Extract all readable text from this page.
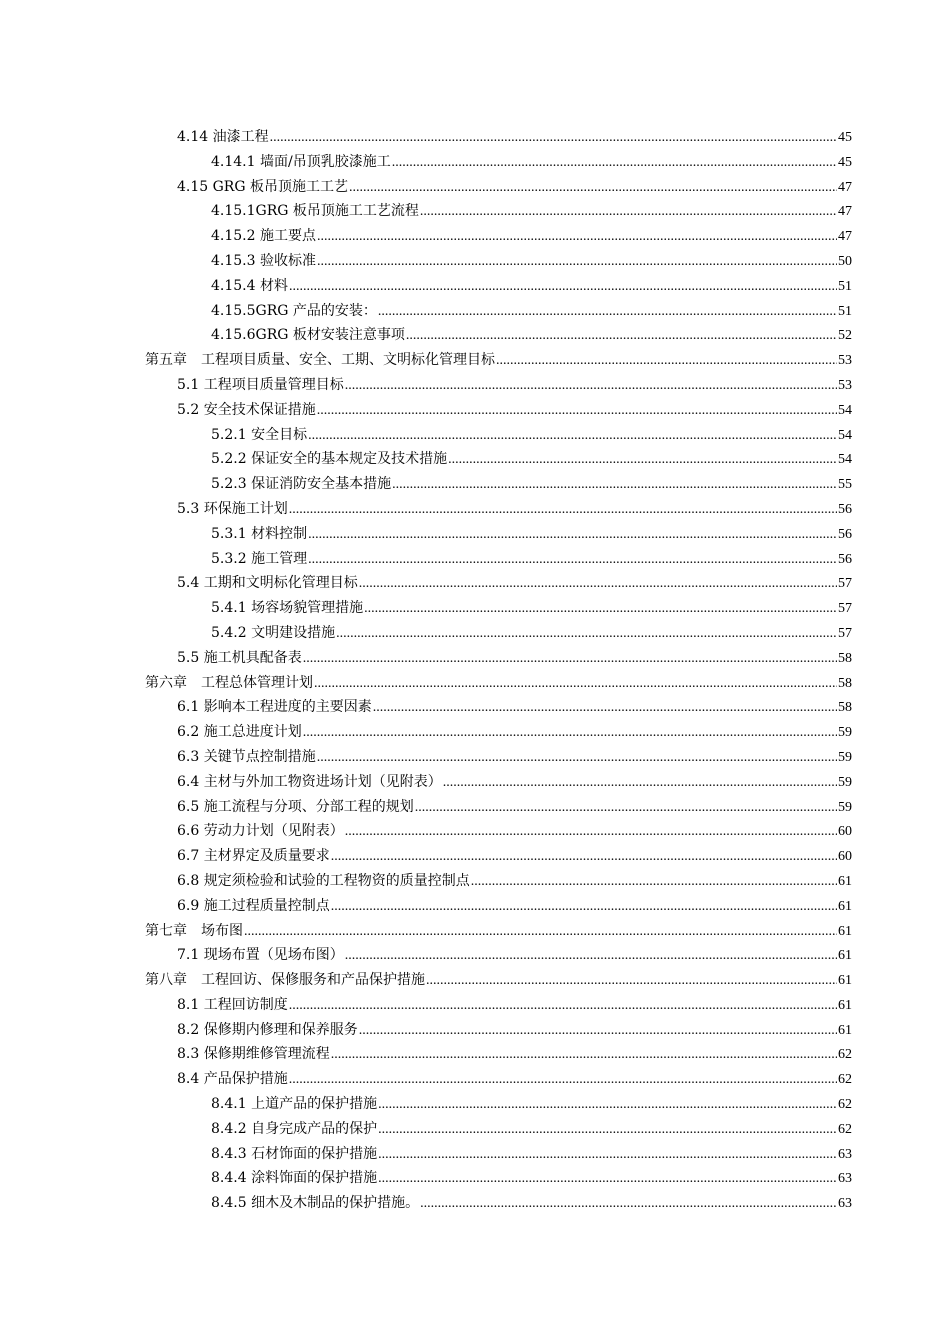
4.14 油漆工程 .....	45
4.14.1 墙面/吊顶乳胶漆施工 .....	45
4.15 GRG 板吊顶施工工艺 .....	47
4.15.1GRG 板吊顶施工工艺流程 .....	47
4.15.2 施工要点 .....	47
4.15.3 验收标准 .....	50
4.15.4 材料 .....	51
4.15.5GRG 产品的安装： .....	51
4.15.6GRG 板材安装注意事项 .....	52
第五章　工程项目质量、安全、工期、文明标化管理目标 .....	53
5.1 工程项目质量管理目标 .....	53
5.2 安全技术保证措施 .....	54
5.2.1 安全目标 .....	54
5.2.2 保证安全的基本规定及技术措施 .....	54
5.2.3 保证消防安全基本措施 .....	55
5.3 环保施工计划 .....	56
5.3.1 材料控制 .....	56
5.3.2 施工管理 .....	56
5.4 工期和文明标化管理目标 .....	57
5.4.1 场容场貌管理措施 .....	57
5.4.2 文明建设措施 .....	57
5.5 施工机具配备表 .....	58
第六章　工程总体管理计划 .....	58
6.1 影响本工程进度的主要因素 .....	58
6.2 施工总进度计划 .....	59
6.3 关键节点控制措施 .....	59
6.4 主材与外加工物资进场计划（见附表） .....	59
6.5 施工流程与分项、分部工程的规划 .....	59
6.6 劳动力计划（见附表） .....	60
6.7 主材界定及质量要求 .....	60
6.8 规定须检验和试验的工程物资的质量控制点 .....	61
6.9 施工过程质量控制点 .....	61
第七章　场布图 .....	61
7.1 现场布置（见场布图） .....	61
第八章　工程回访、保修服务和产品保护措施 .....	61
8.1 工程回访制度 .....	61
8.2 保修期内修理和保养服务 .....	61
8.3 保修期维修管理流程 .....	62
8.4 产品保护措施 .....	62
8.4.1 上道产品的保护措施 .....	62
8.4.2 自身完成产品的保护 .....	62
8.4.3 石材饰面的保护措施 .....	63
8.4.4 涂料饰面的保护措施 .....	63
8.4.5 细木及木制品的保护措施。 .....	63
